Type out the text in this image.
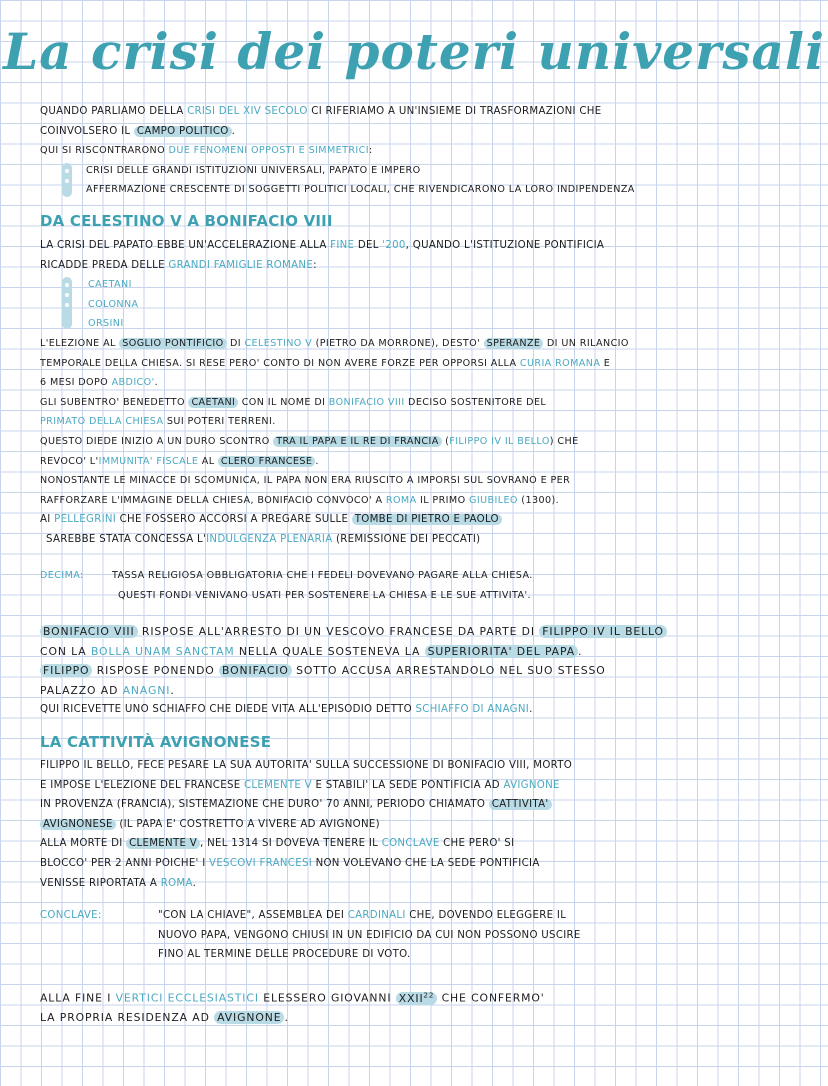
La crisi dei poteri universali
QUANDO PARLIAMO DELLA CRISI DEL XIV SECOLO CI RIFERIAMO A UN'INSIEME DI TRASFORMAZIONI CHE
COINVOLSERO IL CAMPO POLITICO .
QUI SI RISCONTRARONO DUE FENOMENI OPPOSTI E SIMMETRICI:
CRISI DELLE GRANDI ISTITUZIONI UNIVERSALI, PAPATO E IMPERO
AFFERMAZIONE CRESCENTE DI SOGGETTI POLITICI LOCALI, CHE RIVENDICARONO LA LORO INDIPENDENZA
DA CELESTINO V A BONIFACIO VIII
LA CRISI DEL PAPATO EBBE UN'ACCELERAZIONE ALLA FINE DEL '200, QUANDO L'ISTITUZIONE PONTIFICIA
RICADDE PREDA DELLE GRANDI FAMIGLIE ROMANE:
CAETANI
COLONNA
ORSINI
L'ELEZIONE AL SOGLIO PONTIFICIO DI CELESTINO V (PIETRO DA MORRONE), DESTO' SPERANZE DI UN RILANCIO
TEMPORALE DELLA CHIESA. SI RESE PERO' CONTO DI NON AVERE FORZE PER OPPORSI ALLA CURIA ROMANA E
6 MESI DOPO ABDICO'.
GLI SUBENTRO' BENEDETTO CAETANI CON IL NOME DI BONIFACIO VIII DECISO SOSTENITORE DEL
PRIMATO DELLA CHIESA SUI POTERI TERRENI.
QUESTO DIEDE INIZIO A UN DURO SCONTRO TRA IL PAPA E IL RE DI FRANCIA (FILIPPO IV IL BELLO) CHE
REVOCO' L'IMMUNITA' FISCALE AL CLERO FRANCESE .
NONOSTANTE LE MINACCE DI SCOMUNICA, IL PAPA NON ERA RIUSCITO A IMPORSI SUL SOVRANO E PER
RAFFORZARE L'IMMAGINE DELLA CHIESA, BONIFACIO CONVOCO' A ROMA IL PRIMO GIUBILEO (1300).
AI PELLEGRINI CHE FOSSERO ACCORSI A PREGARE SULLE TOMBE DI PIETRO E PAOLO
SAREBBE STATA CONCESSA L'INDULGENZA PLENARIA (REMISSIONE DEI PECCATI)
DECIMA:	TASSA RELIGIOSA OBBLIGATORIA CHE I FEDELI DOVEVANO PAGARE ALLA CHIESA.
QUESTI FONDI VENIVANO USATI PER SOSTENERE LA CHIESA E LE SUE ATTIVITA'.
BONIFACIO VIII RISPOSE ALL'ARRESTO DI UN VESCOVO FRANCESE DA PARTE DI FILIPPO IV IL BELLO
CON LA BOLLA UNAM SANCTAM NELLA QUALE SOSTENEVA LA SUPERIORITA' DEL PAPA .
FILIPPO RISPOSE PONENDO BONIFACIO SOTTO ACCUSA ARRESTANDOLO NEL SUO STESSO
PALAZZO AD ANAGNI.
QUI RICEVETTE UNO SCHIAFFO CHE DIEDE VITA ALL'EPISODIO DETTO SCHIAFFO DI ANAGNI.
LA CATTIVITÀ AVIGNONESE
FILIPPO IL BELLO, FECE PESARE LA SUA AUTORITA' SULLA SUCCESSIONE DI BONIFACIO VIII, MORTO
E IMPOSE L'ELEZIONE DEL FRANCESE CLEMENTE V E STABILI' LA SEDE PONTIFICIA AD AVIGNONE
IN PROVENZA (FRANCIA), SISTEMAZIONE CHE DURO' 70 ANNI, PERIODO CHIAMATO CATTIVITA'
AVIGNONESE (IL PAPA E' COSTRETTO A VIVERE AD AVIGNONE)
ALLA MORTE DI CLEMENTE V , NEL 1314 SI DOVEVA TENERE IL CONCLAVE CHE PERO' SI
BLOCCO' PER 2 ANNI POICHE' I VESCOVI FRANCESI NON VOLEVANO CHE LA SEDE PONTIFICIA
VENISSE RIPORTATA A ROMA.
CONCLAVE:	"CON LA CHIAVE", ASSEMBLEA DEI CARDINALI CHE, DOVENDO ELEGGERE IL
NUOVO PAPA, VENGONO CHIUSI IN UN EDIFICIO DA CUI NON POSSONO USCIRE
FINO AL TERMINE DELLE PROCEDURE DI VOTO.
ALLA FINE I VERTICI ECCLESIASTICI ELESSERO GIOVANNI XXII$^{22}$ CHE CONFERMO'
LA PROPRIA RESIDENZA AD AVIGNONE .
